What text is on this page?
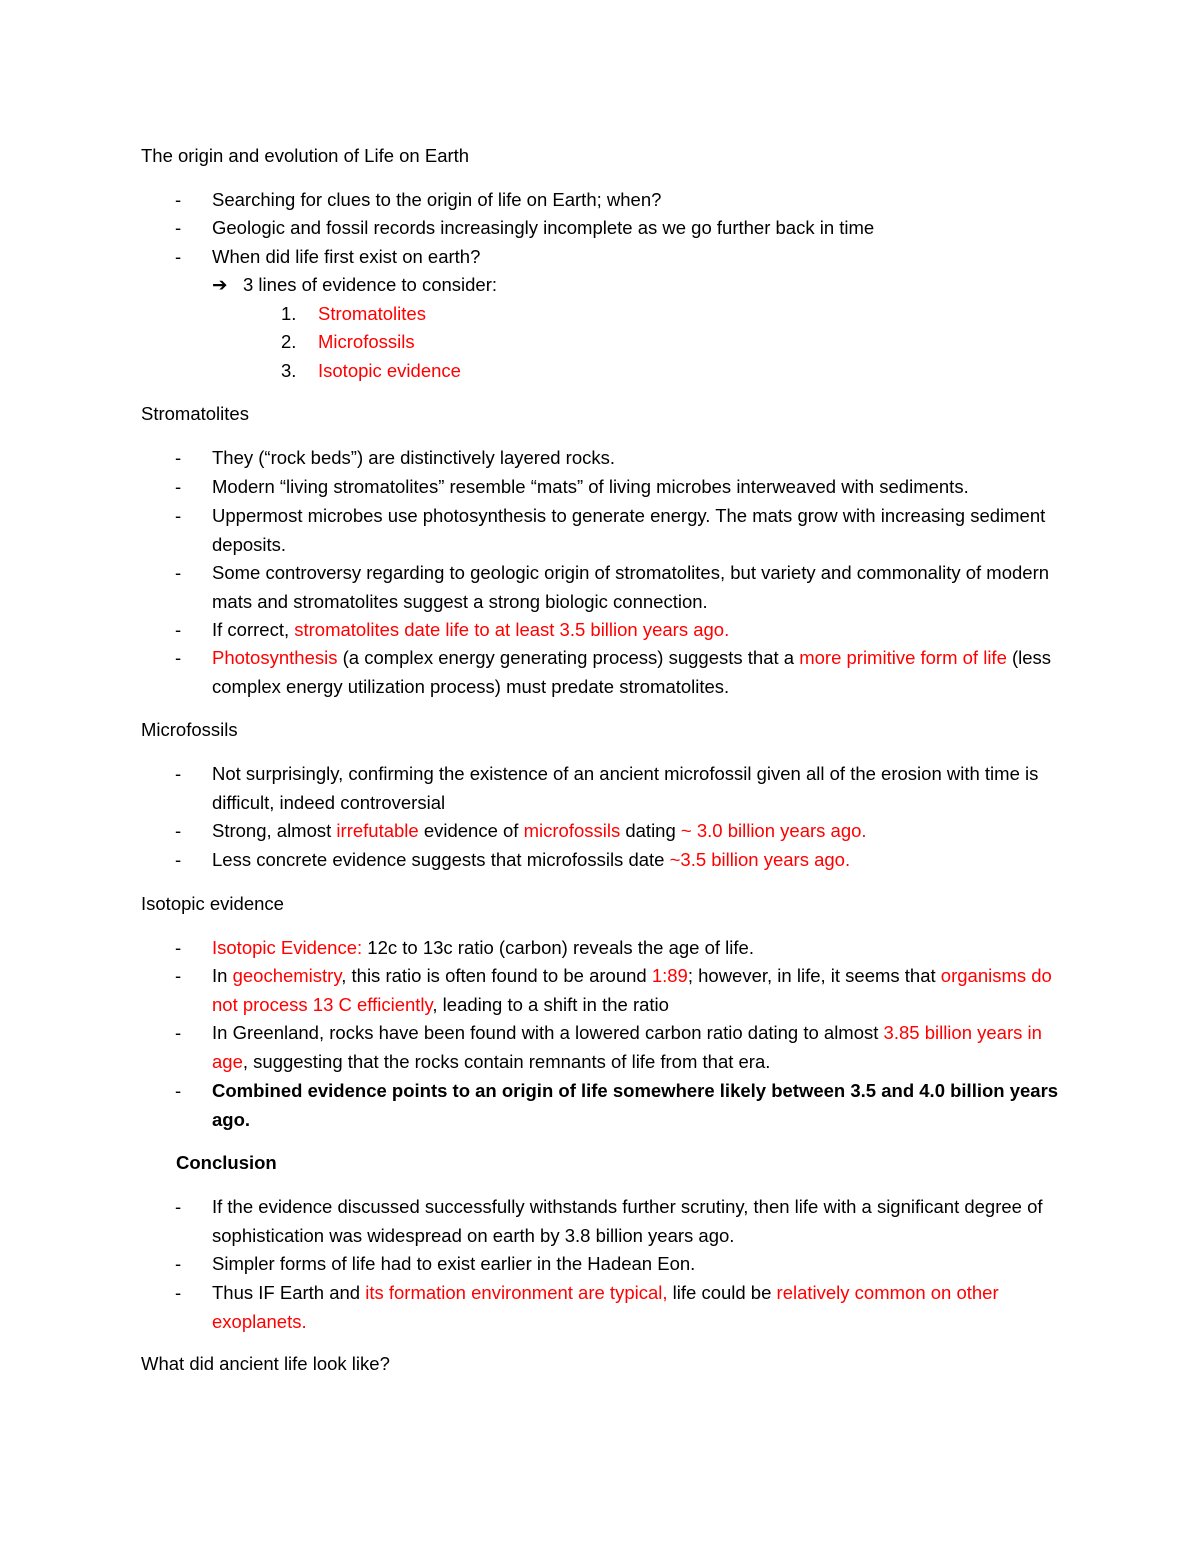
The origin and evolution of Life on Earth
- Searching for clues to the origin of life on Earth; when?
- Geologic and fossil records increasingly incomplete as we go further back in time
- When did life first exist on earth?
➔ 3 lines of evidence to consider:
1. Stromatolites
2. Microfossils
3. Isotopic evidence
Stromatolites
- They (“rock beds”) are distinctively layered rocks.
- Modern “living stromatolites” resemble “mats” of living microbes interweaved with sediments.
- Uppermost microbes use photosynthesis to generate energy. The mats grow with increasing sediment deposits.
- Some controversy regarding to geologic origin of stromatolites, but variety and commonality of modern mats and stromatolites suggest a strong biologic connection.
- If correct, stromatolites date life to at least 3.5 billion years ago.
- Photosynthesis (a complex energy generating process) suggests that a more primitive form of life (less complex energy utilization process) must predate stromatolites.
Microfossils
- Not surprisingly, confirming the existence of an ancient microfossil given all of the erosion with time is difficult, indeed controversial
- Strong, almost irrefutable evidence of microfossils dating ~ 3.0 billion years ago.
- Less concrete evidence suggests that microfossils date ~3.5 billion years ago.
Isotopic evidence
- Isotopic Evidence: 12c to 13c ratio (carbon) reveals the age of life.
- In geochemistry, this ratio is often found to be around 1:89; however, in life, it seems that organisms do not process 13 C efficiently, leading to a shift in the ratio
- In Greenland, rocks have been found with a lowered carbon ratio dating to almost 3.85 billion years in age, suggesting that the rocks contain remnants of life from that era.
- Combined evidence points to an origin of life somewhere likely between 3.5 and 4.0 billion years ago.
Conclusion
- If the evidence discussed successfully withstands further scrutiny, then life with a significant degree of sophistication was widespread on earth by 3.8 billion years ago.
- Simpler forms of life had to exist earlier in the Hadean Eon.
- Thus IF Earth and its formation environment are typical, life could be relatively common on other exoplanets.
What did ancient life look like?
